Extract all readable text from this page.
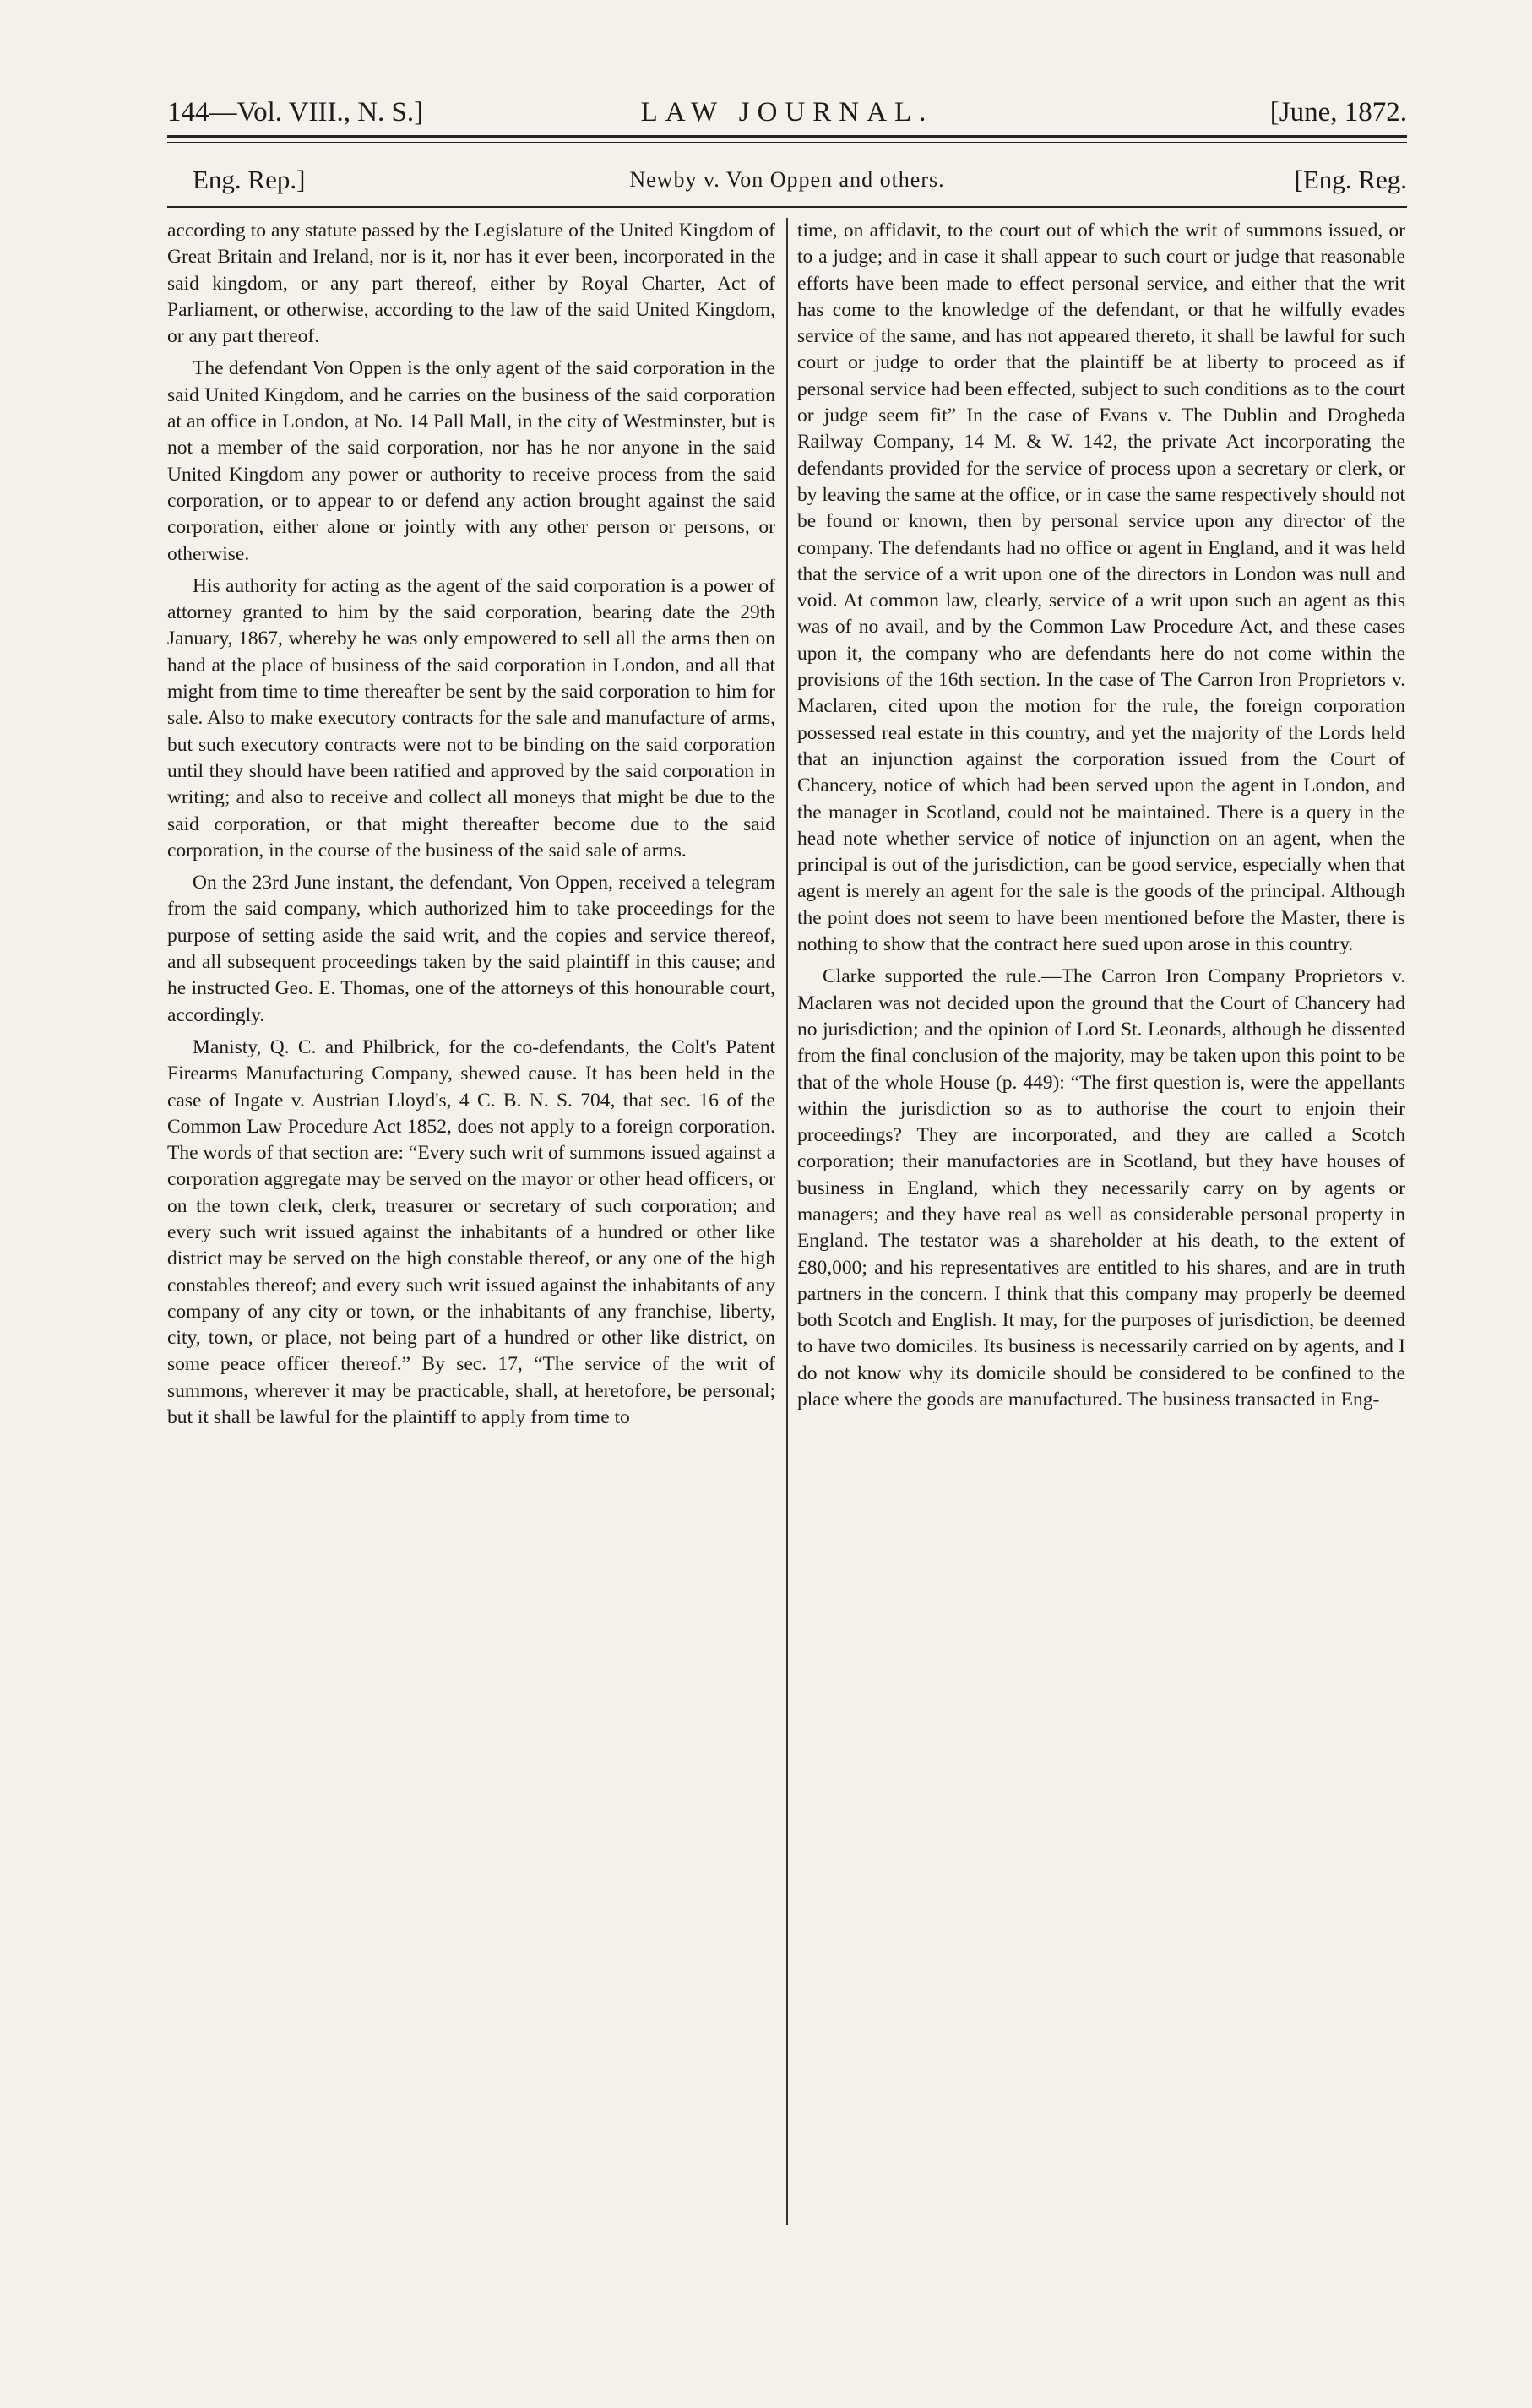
144—Vol. VIII., N. S.]	LAW JOURNAL.	[June, 1872.
Eng. Rep.]	Newby v. Von Oppen and others.	[Eng. Reg.

according to any statute passed by the Legislature of the United Kingdom of Great Britain and Ireland, nor is it, nor has it ever been, incorporated in the said kingdom, or any part thereof, either by Royal Charter, Act of Parliament, or otherwise, according to the law of the said United Kingdom, or any part thereof.

The defendant Von Oppen is the only agent of the said corporation in the said United Kingdom, and he carries on the business of the said corporation at an office in London, at No. 14 Pall Mall, in the city of Westminster, but is not a member of the said corporation, nor has he nor anyone in the said United Kingdom any power or authority to receive process from the said corporation, or to appear to or defend any action brought against the said corporation, either alone or jointly with any other person or persons, or otherwise.

His authority for acting as the agent of the said corporation is a power of attorney granted to him by the said corporation, bearing date the 29th January, 1867, whereby he was only empowered to sell all the arms then on hand at the place of business of the said corporation in London, and all that might from time to time thereafter be sent by the said corporation to him for sale. Also to make executory contracts for the sale and manufacture of arms, but such executory contracts were not to be binding on the said corporation until they should have been ratified and approved by the said corporation in writing; and also to receive and collect all moneys that might be due to the said corporation, or that might thereafter become due to the said corporation, in the course of the business of the said sale of arms.

On the 23rd June instant, the defendant, Von Oppen, received a telegram from the said company, which authorized him to take proceedings for the purpose of setting aside the said writ, and the copies and service thereof, and all subsequent proceedings taken by the said plaintiff in this cause; and he instructed Geo. E. Thomas, one of the attorneys of this honourable court, accordingly.

Manisty, Q. C. and Philbrick, for the co-defendants, the Colt's Patent Firearms Manufacturing Company, shewed cause. It has been held in the case of Ingate v. Austrian Lloyd's, 4 C. B. N. S. 704, that sec. 16 of the Common Law Procedure Act 1852, does not apply to a foreign corporation. The words of that section are: “Every such writ of summons issued against a corporation aggregate may be served on the mayor or other head officers, or on the town clerk, clerk, treasurer or secretary of such corporation; and every such writ issued against the inhabitants of a hundred or other like district may be served on the high constable thereof, or any one of the high constables thereof; and every such writ issued against the inhabitants of any company of any city or town, or the inhabitants of any franchise, liberty, city, town, or place, not being part of a hundred or other like district, on some peace officer thereof.” By sec. 17, “The service of the writ of summons, wherever it may be practicable, shall, at heretofore, be personal; but it shall be lawful for the plaintiff to apply from time to

time, on affidavit, to the court out of which the writ of summons issued, or to a judge; and in case it shall appear to such court or judge that reasonable efforts have been made to effect personal service, and either that the writ has come to the knowledge of the defendant, or that he wilfully evades service of the same, and has not appeared thereto, it shall be lawful for such court or judge to order that the plaintiff be at liberty to proceed as if personal service had been effected, subject to such conditions as to the court or judge seem fit” In the case of Evans v. The Dublin and Drogheda Railway Company, 14 M. & W. 142, the private Act incorporating the defendants provided for the service of process upon a secretary or clerk, or by leaving the same at the office, or in case the same respectively should not be found or known, then by personal service upon any director of the company. The defendants had no office or agent in England, and it was held that the service of a writ upon one of the directors in London was null and void. At common law, clearly, service of a writ upon such an agent as this was of no avail, and by the Common Law Procedure Act, and these cases upon it, the company who are defendants here do not come within the provisions of the 16th section. In the case of The Carron Iron Proprietors v. Maclaren, cited upon the motion for the rule, the foreign corporation possessed real estate in this country, and yet the majority of the Lords held that an injunction against the corporation issued from the Court of Chancery, notice of which had been served upon the agent in London, and the manager in Scotland, could not be maintained. There is a query in the head note whether service of notice of injunction on an agent, when the principal is out of the jurisdiction, can be good service, especially when that agent is merely an agent for the sale is the goods of the principal. Although the point does not seem to have been mentioned before the Master, there is nothing to show that the contract here sued upon arose in this country.

Clarke supported the rule.—The Carron Iron Company Proprietors v. Maclaren was not decided upon the ground that the Court of Chancery had no jurisdiction; and the opinion of Lord St. Leonards, although he dissented from the final conclusion of the majority, may be taken upon this point to be that of the whole House (p. 449): “The first question is, were the appellants within the jurisdiction so as to authorise the court to enjoin their proceedings? They are incorporated, and they are called a Scotch corporation; their manufactories are in Scotland, but they have houses of business in England, which they necessarily carry on by agents or managers; and they have real as well as considerable personal property in England. The testator was a shareholder at his death, to the extent of £80,000; and his representatives are entitled to his shares, and are in truth partners in the concern. I think that this company may properly be deemed both Scotch and English. It may, for the purposes of jurisdiction, be deemed to have two domiciles. Its business is necessarily carried on by agents, and I do not know why its domicile should be considered to be confined to the place where the goods are manufactured. The business transacted in Eng-
